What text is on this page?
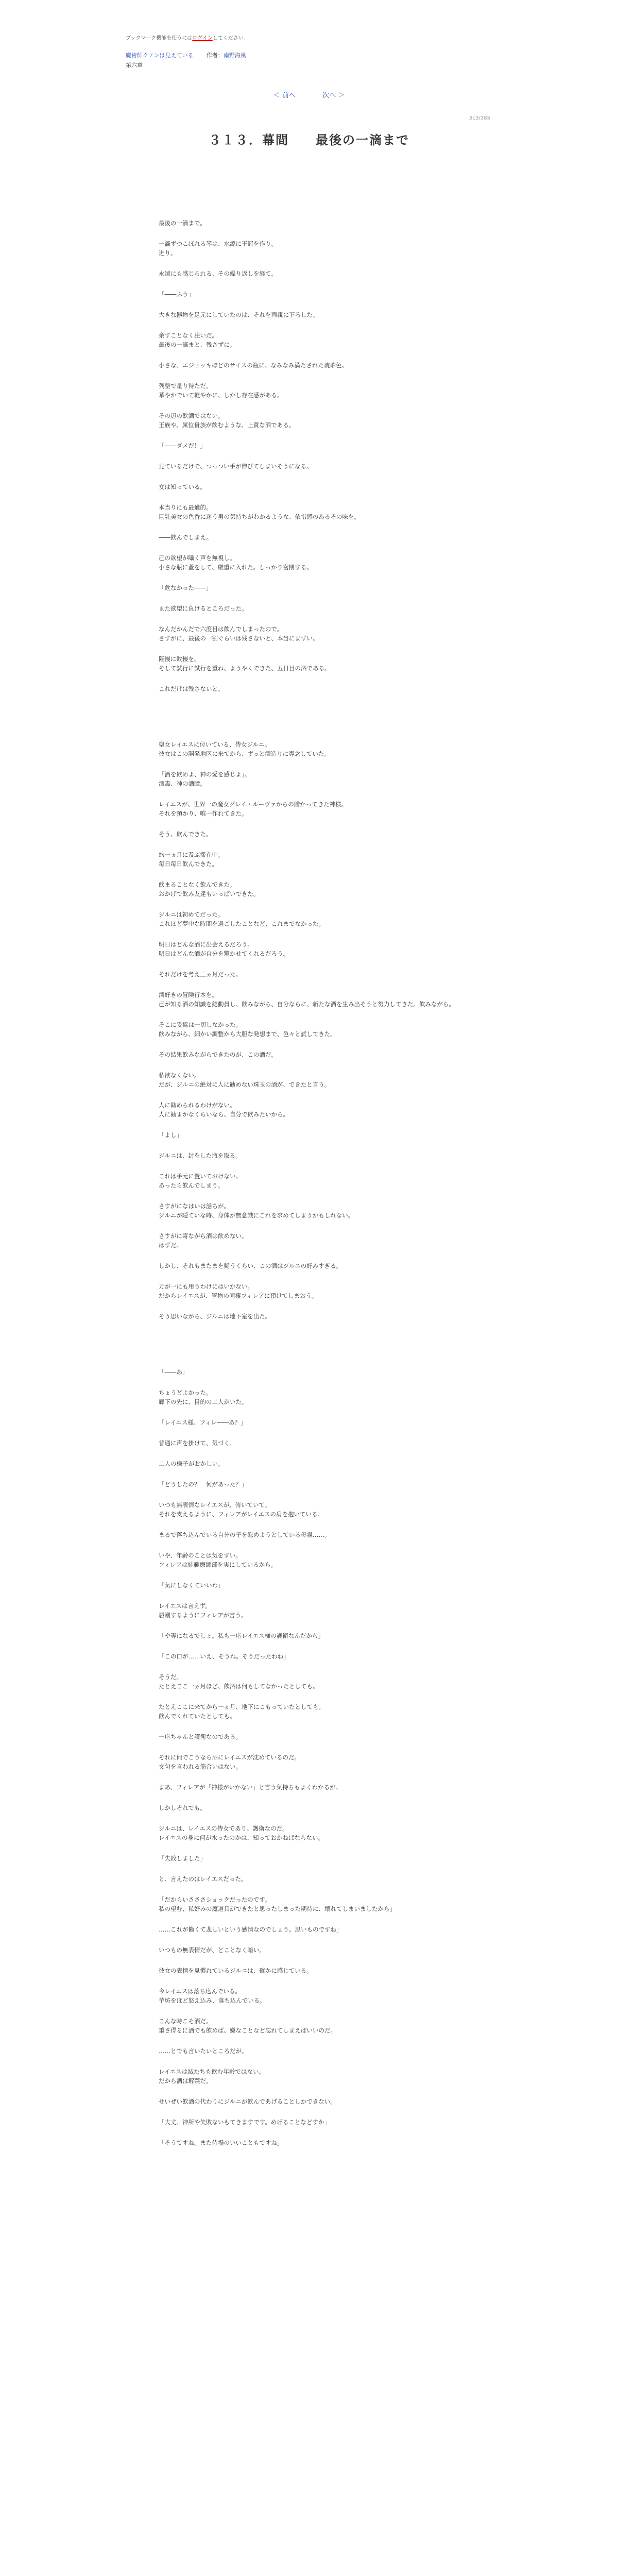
ブックマーク機能を使うにはログインしてください。
魔術師クノンは見えている 作者：南野海風
第六章
＜ 前へ	次へ ＞
313/385
３１３．幕間　　最後の一滴まで

最後の一滴まで。

一滴ずつこぼれる琴は、水源に王冠を作り。
迸り。

永遠にも感じられる、その繰り返しを経て。

「――ふう」

大きな器物を足元にしていたのは、それを両親に下ろした。

余すことなく注いだ。
最後の一滴まと、残さずに。

小さな、エジョッキほどのサイズの瓶に、なみなみ満たされた琥珀色。

列整で量り得ただ。
華やかでいて軽やかに、しかし存在感がある。

その辺の飲酒ではない。
王族や、属位貴族が飲むような、上質な酒である。

「――ダメだ！」

見ているだけで、つっつい手が伸びてしまいそうになる。

女は知っている。

本当りにも最適的。
巨乳美女の色香に迷う男の気持ちがわかるような、依惜感のあるその味を。

――飲んでしまえ。

己の欲望が囁く声を無視し。
小さな瓶に蓋をして、厳重に入れた。しっかり密閉する。

「危なかった――」

また欲望に負けるところだった。

なんだかんだで六度目は飲んでしまったので。
さすがに、最後の一割ぐらいは残さないと、本当にまずい。

陥慢に敗慢を。
そして試行に試行を重ね、ようやくできた、五日目の酒である。

これだけは残さないと。

聖女レイエスに付いている、侍女ジルニ。
彼女はこの開発地区に来てから、ずっと酒造りに専念していた。

「酒を飲めよ、神の愛を感じよ」。
酒毒、神の酒瞳。

レイエスが、世界一の魔女グレイ・ルーヴァからの贈かってきた神様。
それを預かり、唯一作れてきた。

そう、飲んできた。

約一ヵ月に及ぶ滞在中。
毎日毎日飲んできた。

飲まることなく飲んできた。
おかげで飲み友達もいっぱいできた。

ジルニは初めてだった。
これほど夢中な時間を過ごしたことなど、これまでなかった。

明日はどんな酒に出会えるだろう。
明日はどんな酒が自分を驚かせてくれるだろう。

それだけを考え三ヵ月だった。

酒好きの冒険行本を。
己が知る酒の知識を総動員し、飲みながら、自分ならに、新たな酒を生み出そうと努力してきた。飲みながら。

そこに妥協は一切しなかった。
飲みながら、細かい調整から大胆な発想まで、色々と試してきた。

その結果飲みながらできたのが、この酒だ。

私欲なくない。
だが、ジルニの絶対に人に勧めない珠玉の酒が、できたと言う。

人に勧められるわけがない。
人に勧まかなくらいなら、自分で飲みたいから。

「よし」

ジルニは、封をした瓶を取る。

これは手元に置いておけない。
あったら飲んでしまう。

さすがになはいは話ちが。
ジルニが隠ていな時、身体が無意識にこれを求めてしまうかもしれない。

さすがに寄ながら酒は飲めない。
はずだ。

しかし、それもまたまを疑うくらい、この酒はジルニの好みすぎる。

万が一にも用うわけにはいかない。
だからレイエスが、管物の同棲フィレアに預けてしまおう。

そう思いながら、ジルニは地下室を出た。

「――あ」

ちょうどよかった。
廊下の先に、目的の二人がいた。

「レイエス様、フィレ――あ？」

普通に声を掛けて、気づく。

二人の様子がおかしい。

「どうしたの？　何があった？」

いつも無表情なレイエスが、俯いていて。
それを支えるように、フィレアがレイエスの肩を抱いている。

まるで落ち込んでいる自分の子を慰めようとしている母親……。

いや、年齢のことは気をすい。
フィレアは姉範療師部を実にしているから。

「気にしなくていいわ」

レイエスは言えず。
唇剛するようにフィレアが言う。

「や等になるでしょ。私も一応レイエス様の護衛なんだから」

「この口が……いえ、そうね。そうだったわね」

そうだ。
たとえここ一ヵ月ほど、飲酒は何もしてなかったとしても。

たとえここに来てから一ヵ月、地下にこもっていたとしても。
飲んでくれていたとしても。

一応ちゃんと護衛なのである。

それに何でこうなら酒にレイエスが沈めているのだ。
文句を言われる筋合いはない。

まあ、フィレアが「神様がいかない」と言う気持ちもよくわかるが。

しかしそれでも。

ジルニは、レイエスの侍女であり、護衛なのだ。
レイエスの身に何が水ったのかは、知っておかねばならない。

「失敗しました」

と、言えたのはレイエスだった。

「だからいさささショックだったのです。
私の望む、私好みの魔道具ができたと思ったしまった期待に、壊れてしまいましたから」

……これが働くて悲しいという感情なのでしょう。思いものですね」

いつもの無表情だが、どことなく暗い。

彼女の表情を見慣れているジルニは、確かに感じている。

今レイエスは落ち込んでいる。
芋坊をほど怒え込み、落ち込んでいる。

こんな時こそ酒だ。
重さ得るに酒でも飲めば、嫌なことなど忘れてしまえばいいのだ。

……とでも言いたいところだが。

レイエスは滅たちも飲む年齢ではない。
だから酒は解禁だ。

せいぜい飲酒の代わりにジルニが飲んであげることしかできない。

「大丈、神所や失敗ないもてきますです。めげることなどすか」

「そうですね。また侍場のいいこともですね」
